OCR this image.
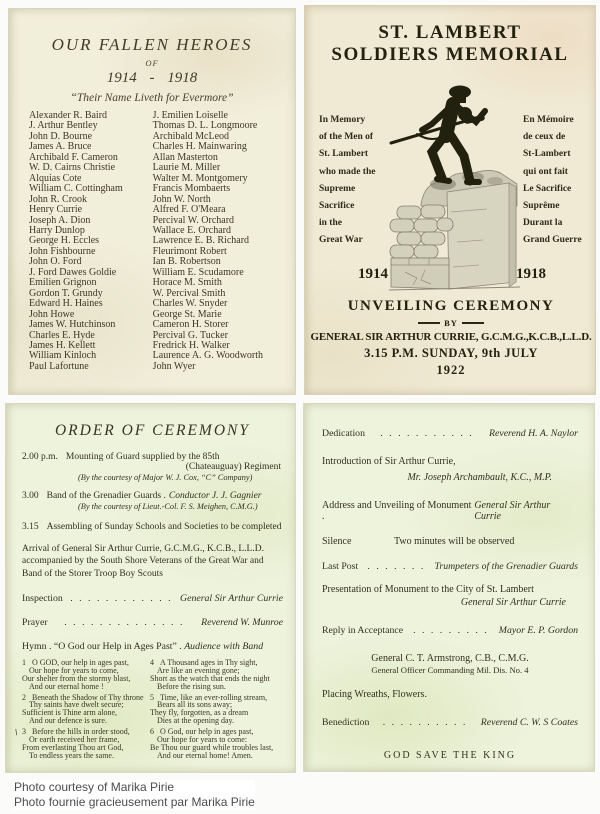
OUR FALLEN HEROES
OF
1914 - 1918
“Their Name Liveth for Evermore”
Alexander R. Baird
J. Arthur Bentley
John D. Bourne
James A. Bruce
Archibald F. Cameron
W. D. Cairns Christie
Alquias Cote
William C. Cottingham
John R. Crook
Henry Currie
Joseph A. Dion
Harry Dunlop
George H. Eccles
John Fishbourne
John O. Ford
J. Ford Dawes Goldie
Emilien Grignon
Gordon T. Grundy
Edward H. Haines
John Howe
James W. Hutchinson
Charles E. Hyde
James H. Kellett
William Kinloch
Paul Lafortune
J. Emilien Loiselle
Thomas D. L. Longmoore
Archibald McLeod
Charles H. Mainwaring
Allan Masterton
Laurie M. Miller
Walter M. Montgomery
Francis Mombaerts
John W. North
Alfred F. O'Meara
Percival W. Orchard
Wallace E. Orchard
Lawrence E. B. Richard
Fleurimont Robert
Ian B. Robertson
William E. Scudamore
Horace M. Smith
W. Percival Smith
Charles W. Snyder
George St. Marie
Cameron H. Storer
Percival G. Tucker
Fredrick H. Walker
Laurence A. G. Woodworth
John Wyer
ST. LAMBERT
SOLDIERS MEMORIAL
In Memory
of the Men of
St. Lambert
who made the
Supreme
Sacrifice
in the
Great War
En Mémoire
de ceux de
St-Lambert
qui ont fait
Le Sacrifice
Suprême
Durant la
Grand Guerre
1914	1918
UNVEILING CEREMONY
BY
GENERAL SIR ARTHUR CURRIE, G.C.M.G.,K.C.B.,L.L.D.
3.15 P.M. SUNDAY, 9th JULY
1922
ORDER OF CEREMONY
2.00 p.m. Mounting of Guard supplied by the 85th
(Chateauguay) Regiment
(By the courtesy of Major W. J. Cox, “C” Company)
3.00 Band of the Grenadier Guards . Conductor J. J. Gagnier
(By the courtesy of Lieut.-Col. F. S. Meighen, C.M.G.)
3.15 Assembling of Sunday Schools and Societies to be completed

Arrival of General Sir Arthur Currie, G.C.M.G., K.C.B., L.L.D. accompanied by the South Shore Veterans of the Great War and Band of the Storer Troop Boy Scouts

Inspection . . . . . . . . . . . . General Sir Arthur Currie
Prayer	. . . . . . . . . . . . . .	Reverend W. Munroe
Hymn . “O God our Help in Ages Past” . Audience with Band
1 O GOD, our help in ages past,
Our hope for years to come,
Our shelter from the stormy blast,
And our eternal home !
2 Beneath the Shadow of Thy throne
Thy saints have dwelt secure;
Sufficient is Thine arm alone,
And our defence is sure.
\ 3 Before the hills in order stood,
Or earth received her frame,
From everlasting Thou art God,
To endless years the same.
4 A Thousand ages in Thy sight,
Are like an evening gone;
Short as the watch that ends the night
Before the rising sun.
5 Time, like an ever-rolling stream,
Bears all its sons away;
They fly, forgotten, as a dream
Dies at the opening day.
6 O God, our help in ages past,
Our hope for years to come:
Be Thou our guard while troubles last,
And our eternal home! Amen.
Dedication	. . . . . . . . . . .	Reverend H. A. Naylor
Introduction of Sir Arthur Currie,
Mr. Joseph Archambault, K.C., M.P.
Address and Unveiling of Monument .
General Sir Arthur Currie
Silence	Two minutes will be observed
Last Post . . . . . . . Trumpeters of the Grenadier Guards
Presentation of Monument to the City of St. Lambert
General Sir Arthur Currie
Reply in Acceptance	. . . . . . . . .	Mayor E. P. Gordon
General C. T. Armstrong, C.B., C.M.G.
General Officer Commanding Mil. Dis. No. 4
Placing Wreaths, Flowers.
Benediction	. . . . . . . . . .	Reverend C. W. S Coates
GOD SAVE THE KING
Photo courtesy of Marika Pirie
Photo fournie gracieusement par Marika Pirie
